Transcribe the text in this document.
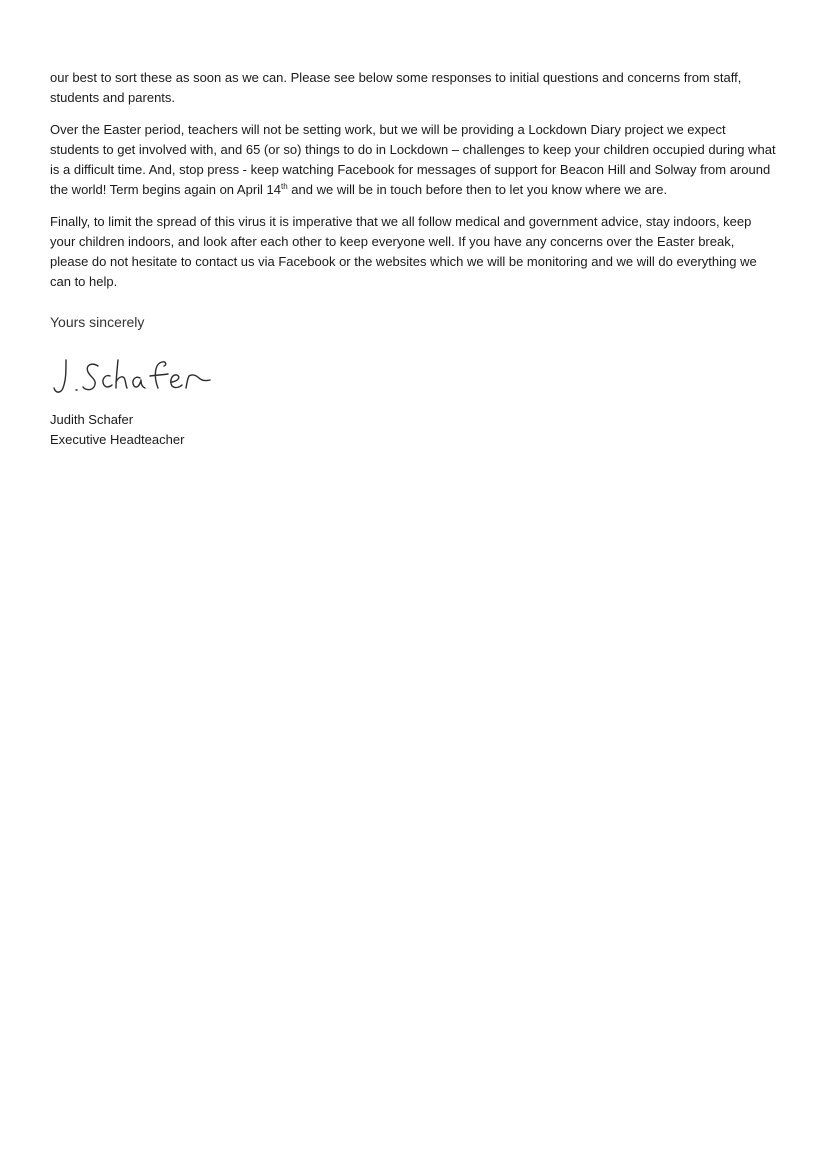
our best to sort these as soon as we can. Please see below some responses to initial questions and concerns from staff, students and parents.

Over the Easter period, teachers will not be setting work, but we will be providing a Lockdown Diary project we expect students to get involved with, and 65 (or so) things to do in Lockdown – challenges to keep your children occupied during what is a difficult time. And, stop press - keep watching Facebook for messages of support for Beacon Hill and Solway from around the world! Term begins again on April 14th and we will be in touch before then to let you know where we are.

Finally, to limit the spread of this virus it is imperative that we all follow medical and government advice, stay indoors, keep your children indoors, and look after each other to keep everyone well. If you have any concerns over the Easter break, please do not hesitate to contact us via Facebook or the websites which we will be monitoring and we will do everything we can to help.

Yours sincerely
Judith Schafer
Executive Headteacher
